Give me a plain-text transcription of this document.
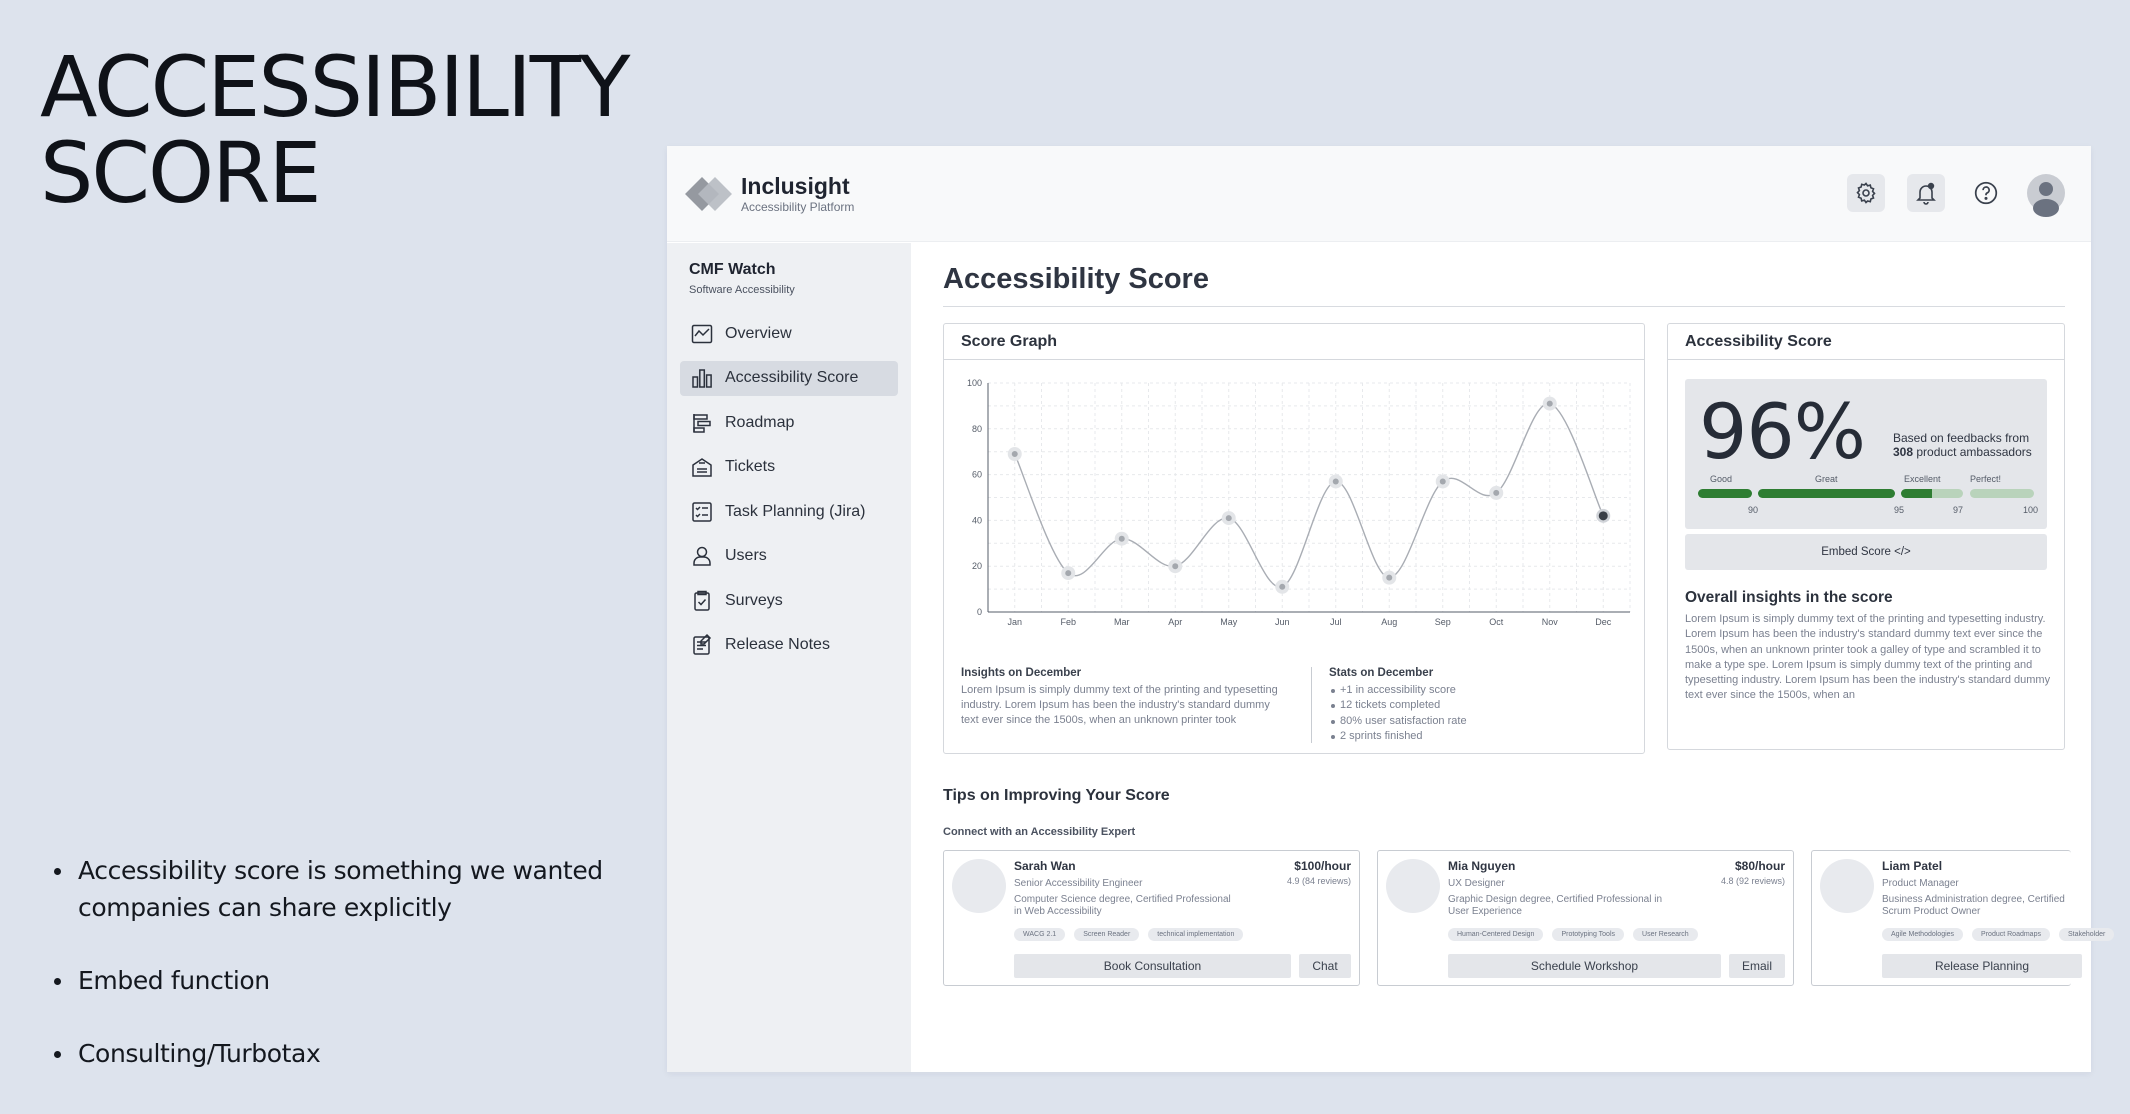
ACCESSIBILITY
SCORE
Accessibility score is something we wanted companies can share explicitly
Embed function
Consulting/Turbotax
Inclusight
Accessibility Platform
CMF Watch
Software Accessibility
Overview
Accessibility Score
Roadmap
Tickets
Task Planning (Jira)
Users
Surveys
Release Notes
Accessibility Score
Score Graph
0
20
40
60
80
100
Jan	Feb	Mar	Apr	May	Jun	Jul	Aug	Sep	Oct	Nov	Dec
Insights on December
Lorem Ipsum is simply dummy text of the printing and typesetting industry. Lorem Ipsum has been the industry's standard dummy text ever since the 1500s, when an unknown printer took
Stats on December
+1 in accessibility score
12 tickets completed
80% user satisfaction rate
2 sprints finished
Accessibility Score
96% Based on feedbacks from
308 product ambassadors
Good	Great	Excellent	Perfect!
90	95	97	100
Embed Score </>
Overall insights in the score
Lorem Ipsum is simply dummy text of the printing and typesetting industry. Lorem Ipsum has been the industry's standard dummy text ever since the 1500s, when an unknown printer took a galley of type and scrambled it to make a type spe. Lorem Ipsum is simply dummy text of the printing and typesetting industry. Lorem Ipsum has been the industry's standard dummy text ever since the 1500s, when an
Tips on Improving Your Score
Connect with an Accessibility Expert
Sarah Wan
Senior Accessibility Engineer
$100/hour
4.9 (84 reviews)
Computer Science degree, Certified Professional in Web Accessibility
WACG 2.1	Screen Reader	technical implementation
Book Consultation	Chat
Mia Nguyen
UX Designer
$80/hour
4.8 (92 reviews)
Graphic Design degree, Certified Professional in User Experience
Human-Centered Design	Prototyping Tools	User Research
Schedule Workshop	Email
Liam Patel
Product Manager
Business Administration degree, Certified Scrum Product Owner
Agile Methodologies	Product Roadmaps	Stakeholder
Release Planning
